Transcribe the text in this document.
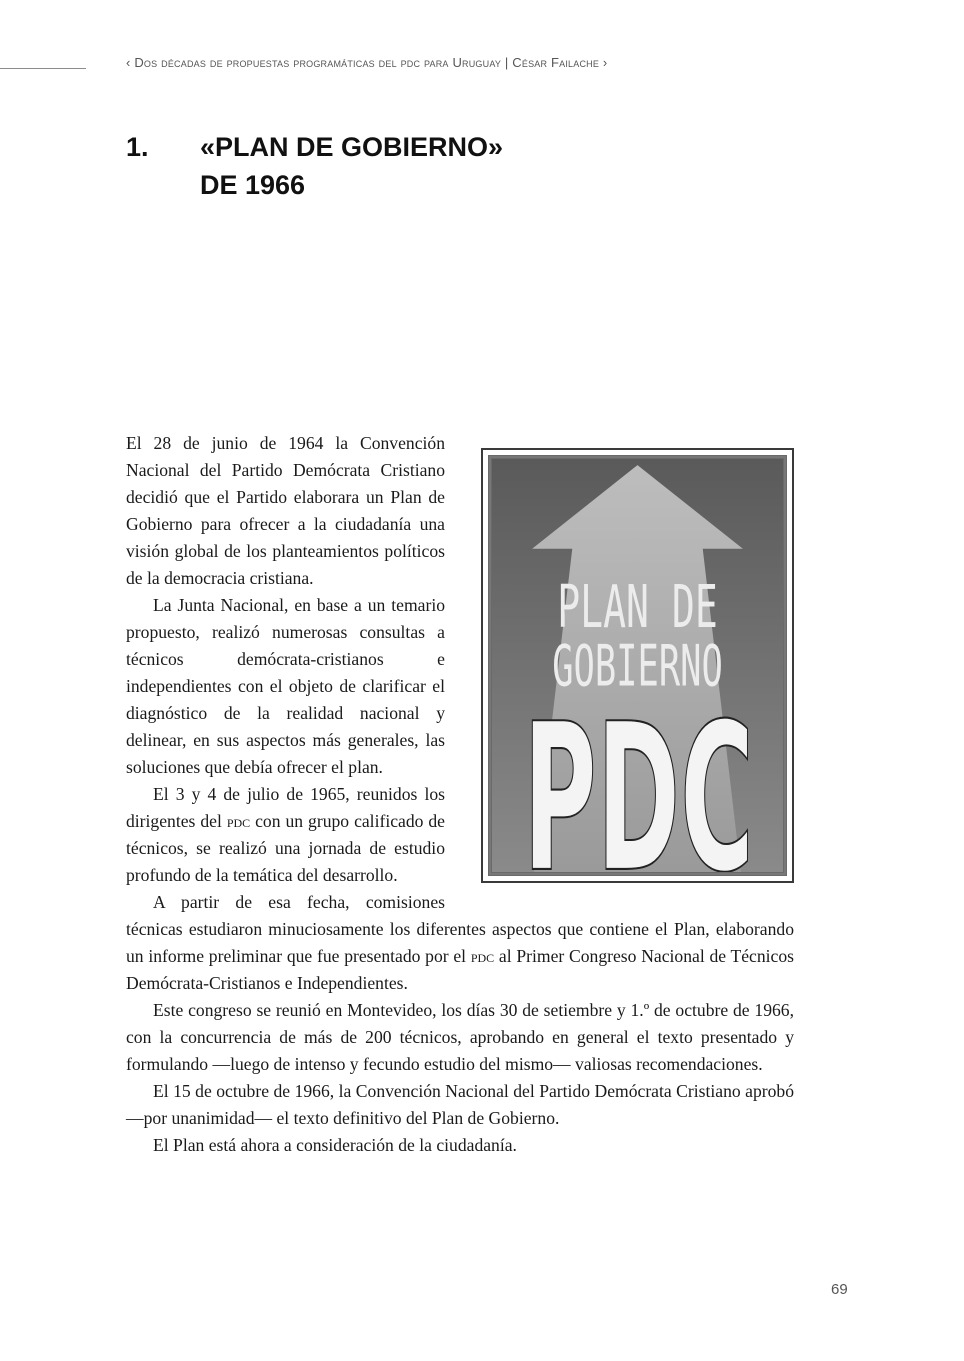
‹ Dos décadas de propuestas programáticas del pdc para Uruguay | César Failache ›
1.	«PLAN DE GOBIERNO»
DE 1966
PLAN DE
GOBIERNO
PDC

El 28 de junio de 1964 la Convención Nacional del Partido Demócrata Cristiano decidió que el Partido elaborara un Plan de Gobierno para ofrecer a la ciudadanía una visión global de los planteamientos políticos de la democracia cristiana.

La Junta Nacional, en base a un temario propuesto, realizó numerosas consultas a técnicos demócrata-cristianos e independientes con el objeto de clarificar el diagnóstico de la realidad nacional y delinear, en sus aspectos más generales, las soluciones que debía ofrecer el plan.

El 3 y 4 de julio de 1965, reunidos los dirigentes del pdc con un grupo calificado de técnicos, se realizó una jornada de estudio profundo de la temática del desarrollo.

A partir de esa fecha, comisiones técnicas estudiaron minuciosamente los diferentes aspectos que contiene el Plan, elaborando un informe preliminar que fue presentado por el pdc al Primer Congreso Nacional de Técnicos Demócrata-Cristianos e Independientes.

Este congreso se reunió en Montevideo, los días 30 de setiembre y 1.º de octubre de 1966, con la concurrencia de más de 200 técnicos, aprobando en general el texto presentado y formulando —luego de intenso y fecundo estudio del mismo— valiosas recomendaciones.

El 15 de octubre de 1966, la Convención Nacional del Partido Demócrata Cristiano aprobó —por unanimidad— el texto definitivo del Plan de Gobierno.

El Plan está ahora a consideración de la ciudadanía.

69
